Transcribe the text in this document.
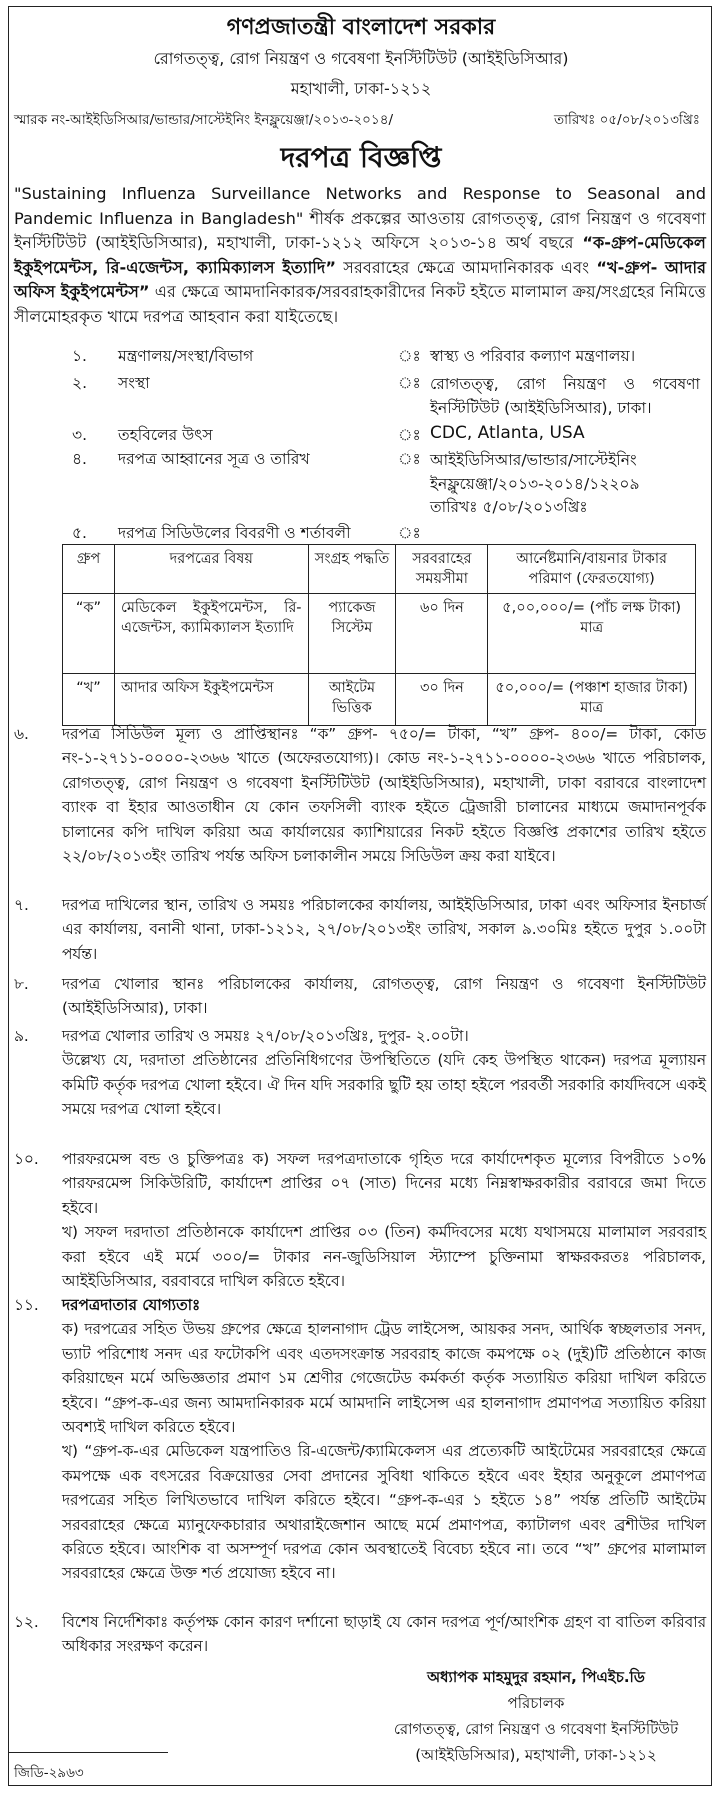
গণপ্রজাতন্ত্রী বাংলাদেশ সরকার
রোগতত্ত্ব, রোগ নিয়ন্ত্রণ ও গবেষণা ইনস্টিটিউট (আইইডিসিআর)
মহাখালী, ঢাকা-১২১২
স্মারক নং-আইইডিসিআর/ভান্ডার/সাস্টেইনিং ইনফ্লুয়েঞ্জা/২০১৩-২০১৪/	তারিখঃ ০৫/০৮/২০১৩খ্রিঃ
দরপত্র বিজ্ঞপ্তি
"Sustaining Influenza Surveillance Networks and Response to Seasonal and Pandemic Influenza in Bangladesh" শীর্ষক প্রকল্পের আওতায় রোগতত্ত্ব, রোগ নিয়ন্ত্রণ ও গবেষণা ইনস্টিটিউট (আইইডিসিআর), মহাখালী, ঢাকা-১২১২ অফিসে ২০১৩-১৪ অর্থ বছরে “ক-গ্রুপ-মেডিকেল ইকুইপমেন্টস, রি-এজেন্টস, ক্যামিক্যালস ইত্যাদি” সরবরাহের ক্ষেত্রে আমদানিকারক এবং “খ-গ্রুপ- আদার অফিস ইকুইপমেন্টস” এর ক্ষেত্রে আমদানিকারক/সরবরাহকারীদের নিকট হইতে মালামাল ক্রয়/সংগ্রহের নিমিত্তে সীলমোহরকৃত খামে দরপত্র আহবান করা যাইতেছে।
১. মন্ত্রণালয়/সংস্থা/বিভাগ	ঃ স্বাস্থ্য ও পরিবার কল্যাণ মন্ত্রণালয়।
২. সংস্থা	ঃ রোগতত্ত্ব, রোগ নিয়ন্ত্রণ ও গবেষণা ইনস্টিটিউট (আইইডিসিআর), ঢাকা।
৩. তহবিলের উৎস	ঃ CDC, Atlanta, USA
৪. দরপত্র আহ্বানের সূত্র ও তারিখ	ঃ আইইডিসিআর/ভান্ডার/সাস্টেইনিং ইনফ্লুয়েঞ্জা/২০১৩-২০১৪/১২২০৯
তারিখঃ ৫/০৮/২০১৩খ্রিঃ
৫. দরপত্র সিডিউলের বিবরণী ও শর্তাবলী	ঃ
গ্রুপ	দরপত্রের বিষয়	সংগ্রহ পদ্ধতি	সরবরাহের সময়সীমা	আর্নেষ্টমানি/বায়নার টাকার পরিমাণ (ফেরতযোগ্য)
“ক”	মেডিকেল ইকুইপমেন্টস, রি-এজেন্টস, ক্যামিক্যালস ইত্যাদি	প্যাকেজ সিস্টেম	৬০ দিন	৫,০০,০০০/= (পাঁচ লক্ষ টাকা) মাত্র
“খ”	আদার অফিস ইকুইপমেন্টস	আইটেম ভিত্তিক	৩০ দিন	৫০,০০০/= (পঞ্চাশ হাজার টাকা) মাত্র
৬.	দরপত্র সিডিউল মূল্য ও প্রাপ্তিস্থানঃ “ক” গ্রুপ- ৭৫০/= টাকা, “খ” গ্রুপ- ৪০০/= টাকা, কোড নং-১-২৭১১-০০০০-২৩৬৬ খাতে (অফেরতযোগ্য)। কোড নং-১-২৭১১-০০০০-২৩৬৬ খাতে পরিচালক, রোগতত্ত্ব, রোগ নিয়ন্ত্রণ ও গবেষণা ইনস্টিটিউট (আইইডিসিআর), মহাখালী, ঢাকা বরাবরে বাংলাদেশ ব্যাংক বা ইহার আওতাধীন যে কোন তফসিলী ব্যাংক হইতে ট্রেজারী চালানের মাধ্যমে জমাদানপূর্বক চালানের কপি দাখিল করিয়া অত্র কার্যালয়ের ক্যাশিয়ারের নিকট হইতে বিজ্ঞপ্তি প্রকাশের তারিখ হইতে ২২/০৮/২০১৩ইং তারিখ পর্যন্ত অফিস চলাকালীন সময়ে সিডিউল ক্রয় করা যাইবে।
৭.	দরপত্র দাখিলের স্থান, তারিখ ও সময়ঃ পরিচালকের কার্যালয়, আইইডিসিআর, ঢাকা এবং অফিসার ইনচার্জ এর কার্যালয়, বনানী থানা, ঢাকা-১২১২, ২৭/০৮/২০১৩ইং তারিখ, সকাল ৯.৩০মিঃ হইতে দুপুর ১.০০টা পর্যন্ত।
৮.	দরপত্র খোলার স্থানঃ পরিচালকের কার্যালয়, রোগতত্ত্ব, রোগ নিয়ন্ত্রণ ও গবেষণা ইনস্টিটিউট (আইইডিসিআর), ঢাকা।
৯.	দরপত্র খোলার তারিখ ও সময়ঃ ২৭/০৮/২০১৩খ্রিঃ, দুপুর- ২.০০টা।
উল্লেখ্য যে, দরদাতা প্রতিষ্ঠানের প্রতিনিধিগণের উপস্থিতিতে (যদি কেহ উপস্থিত থাকেন) দরপত্র মূল্যায়ন কমিটি কর্তৃক দরপত্র খোলা হইবে। ঐ দিন যদি সরকারি ছুটি হয় তাহা হইলে পরবর্তী সরকারি কার্যদিবসে একই সময়ে দরপত্র খোলা হইবে।
১০.	পারফরমেন্স বন্ড ও চুক্তিপত্রঃ ক) সফল দরপত্রদাতাকে গৃহিত দরে কার্যাদেশকৃত মূল্যের বিপরীতে ১০% পারফরমেন্স সিকিউরিটি, কার্যাদেশ প্রাপ্তির ০৭ (সাত) দিনের মধ্যে নিম্নস্বাক্ষরকারীর বরাবরে জমা দিতে হইবে।
খ) সফল দরদাতা প্রতিষ্ঠানকে কার্যাদেশ প্রাপ্তির ০৩ (তিন) কর্মদিবসের মধ্যে যথাসময়ে মালামাল সরবরাহ করা হইবে এই মর্মে ৩০০/= টাকার নন-জুডিসিয়াল স্ট্যাম্পে চুক্তিনামা স্বাক্ষরকরতঃ পরিচালক, আইইডিসিআর, বরবাবরে দাখিল করিতে হইবে।
১১.	দরপত্রদাতার যোগ্যতাঃ
ক) দরপত্রের সহিত উভয় গ্রুপের ক্ষেত্রে হালনাগাদ ট্রেড লাইসেন্স, আয়কর সনদ, আর্থিক স্বচ্ছলতার সনদ, ভ্যাট পরিশোধ সনদ এর ফটোকপি এবং এতদসংক্রান্ত সরবরাহ কাজে কমপক্ষে ০২ (দুই)টি প্রতিষ্ঠানে কাজ করিয়াছেন মর্মে অভিজ্ঞতার প্রমাণ ১ম শ্রেণীর গেজেটেড কর্মকর্তা কর্তৃক সত্যায়িত করিয়া দাখিল করিতে হইবে। “গ্রুপ-ক-এর জন্য আমদানিকারক মর্মে আমদানি লাইসেন্স এর হালনাগাদ প্রমাণপত্র সত্যায়িত করিয়া অবশ্যই দাখিল করিতে হইবে।
খ) “গ্রুপ-ক-এর মেডিকেল যন্ত্রপাতিও রি-এজেন্ট/ক্যামিকেলস এর প্রত্যেকটি আইটেমের সরবরাহের ক্ষেত্রে কমপক্ষে এক বৎসরের বিক্রয়োত্তর সেবা প্রদানের সুবিধা থাকিতে হইবে এবং ইহার অনুকূলে প্রমাণপত্র দরপত্রের সহিত লিখিতভাবে দাখিল করিতে হইবে। “গ্রুপ-ক-এর ১ হইতে ১৪” পর্যন্ত প্রতিটি আইটেম সরবরাহের ক্ষেত্রে ম্যানুফেকচারার অথারাইজেশান আছে মর্মে প্রমাণপত্র, ক্যাটালগ এবং ব্রশীউর দাখিল করিতে হইবে। আংশিক বা অসম্পূর্ণ দরপত্র কোন অবস্থাতেই বিবেচ্য হইবে না। তবে “খ” গ্রুপের মালামাল সরবরাহের ক্ষেত্রে উক্ত শর্ত প্রযোজ্য হইবে না।
১২.	বিশেষ নির্দেশিকাঃ কর্তৃপক্ষ কোন কারণ দর্শানো ছাড়াই যে কোন দরপত্র পূর্ণ/আংশিক গ্রহণ বা বাতিল করিবার অধিকার সংরক্ষণ করেন।
অধ্যাপক মাহমুদুর রহমান, পিএইচ.ডি
পরিচালক
রোগতত্ত্ব, রোগ নিয়ন্ত্রণ ও গবেষণা ইনস্টিটিউট
(আইইডিসিআর), মহাখালী, ঢাকা-১২১২
জিডি-২৯৬৩
